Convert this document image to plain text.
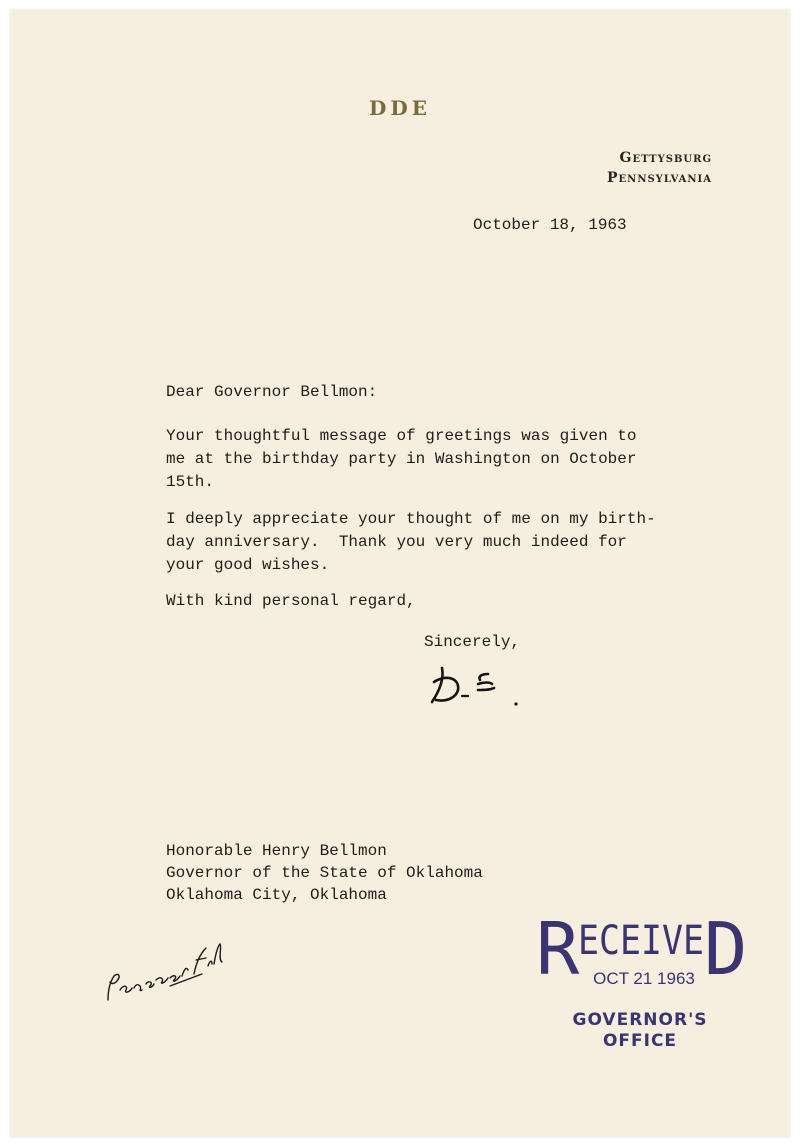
DDE
Gettysburg
Pennsylvania
October 18, 1963
Dear Governor Bellmon:
Your thoughtful message of greetings was given to
me at the birthday party in Washington on October
15th.
I deeply appreciate your thought of me on my birth-
day anniversary.  Thank you very much indeed for
your good wishes.
With kind personal regard,
Sincerely,
Honorable Henry Bellmon
Governor of the State of Oklahoma
Oklahoma City, Oklahoma
R
ECEIVE D
OCT 21 1963
GOVERNOR'S
OFFICE
